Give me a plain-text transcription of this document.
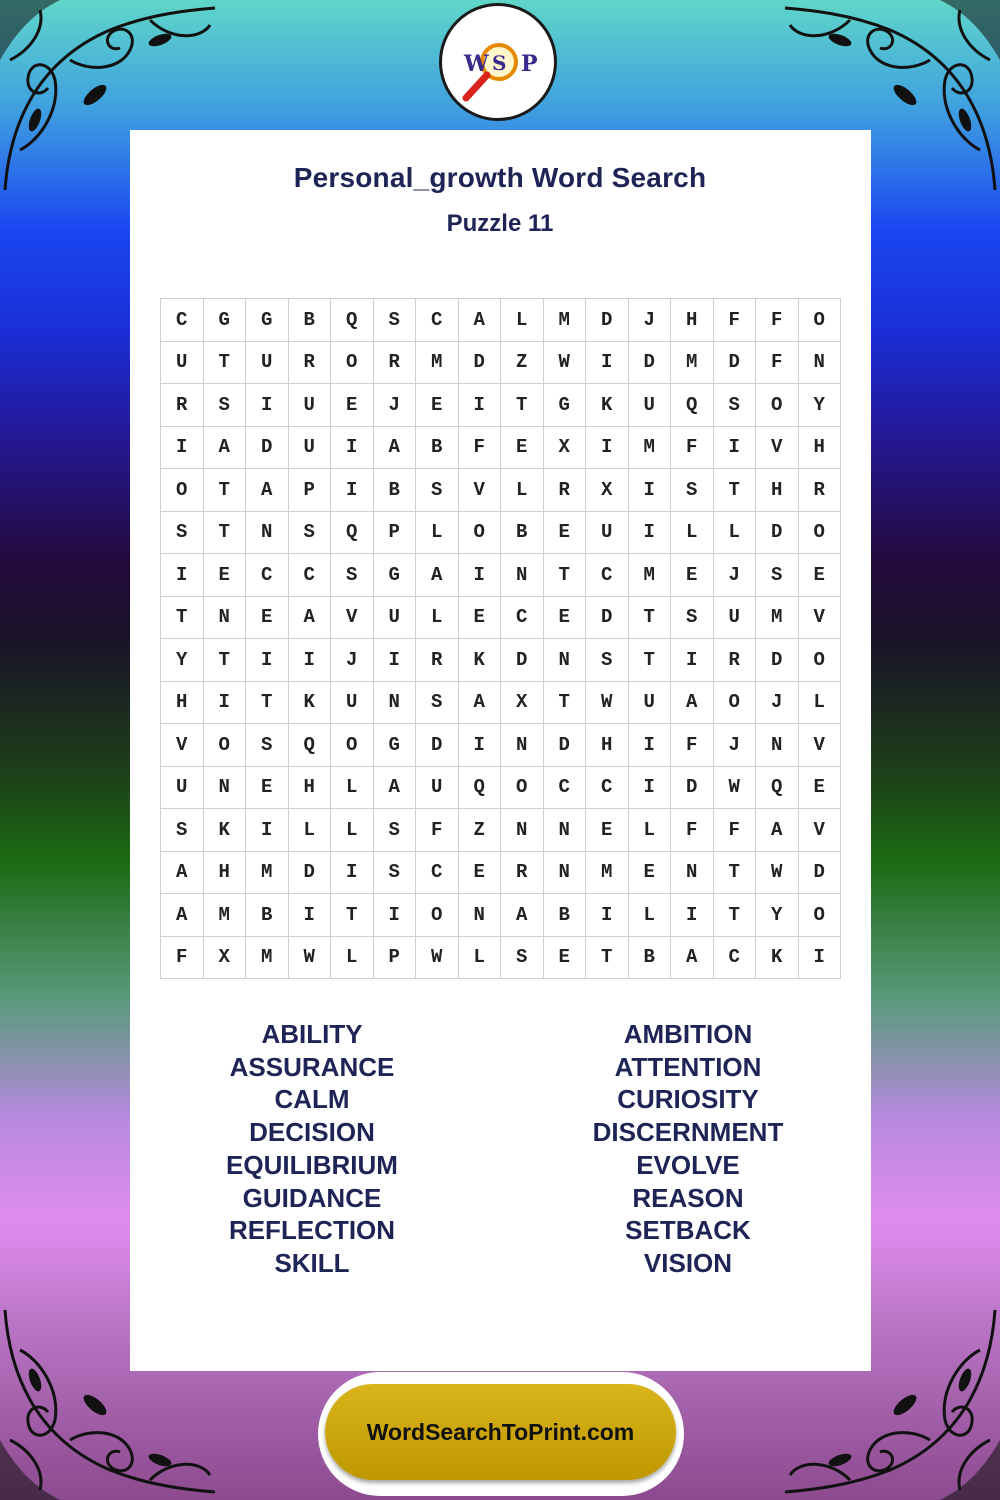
W S P
Personal_growth Word Search
Puzzle 11
C	G	G	B	Q	S	C	A	L	M	D	J	H	F	F	O
U	T	U	R	O	R	M	D	Z	W	I	D	M	D	F	N
R	S	I	U	E	J	E	I	T	G	K	U	Q	S	O	Y
I	A	D	U	I	A	B	F	E	X	I	M	F	I	V	H
O	T	A	P	I	B	S	V	L	R	X	I	S	T	H	R
S	T	N	S	Q	P	L	O	B	E	U	I	L	L	D	O
I	E	C	C	S	G	A	I	N	T	C	M	E	J	S	E
T	N	E	A	V	U	L	E	C	E	D	T	S	U	M	V
Y	T	I	I	J	I	R	K	D	N	S	T	I	R	D	O
H	I	T	K	U	N	S	A	X	T	W	U	A	O	J	L
V	O	S	Q	O	G	D	I	N	D	H	I	F	J	N	V
U	N	E	H	L	A	U	Q	O	C	C	I	D	W	Q	E
S	K	I	L	L	S	F	Z	N	N	E	L	F	F	A	V
A	H	M	D	I	S	C	E	R	N	M	E	N	T	W	D
A	M	B	I	T	I	O	N	A	B	I	L	I	T	Y	O
F	X	M	W	L	P	W	L	S	E	T	B	A	C	K	I
ABILITY
ASSURANCE
CALM
DECISION
EQUILIBRIUM
GUIDANCE
REFLECTION
SKILL
AMBITION
ATTENTION
CURIOSITY
DISCERNMENT
EVOLVE
REASON
SETBACK
VISION
WordSearchToPrint.com
